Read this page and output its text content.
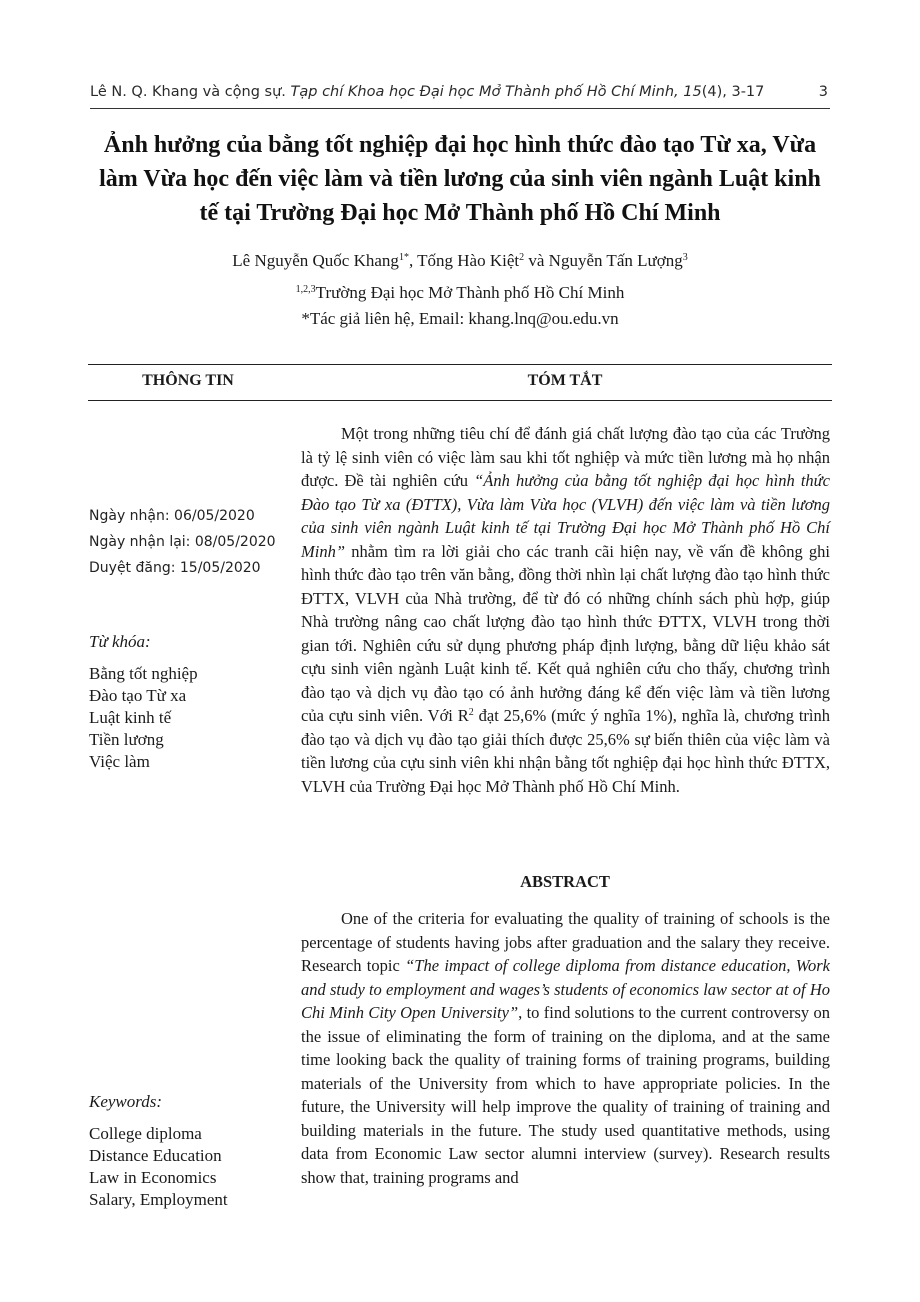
Lê N. Q. Khang và cộng sự. Tạp chí Khoa học Đại học Mở Thành phố Hồ Chí Minh, 15(4), 3-17	3
Ảnh hưởng của bằng tốt nghiệp đại học hình thức đào tạo Từ xa, Vừa làm Vừa học đến việc làm và tiền lương của sinh viên ngành Luật kinh tế tại Trường Đại học Mở Thành phố Hồ Chí Minh
Lê Nguyễn Quốc Khang$^{1*}$, Tống Hào Kiệt$^2$ và Nguyễn Tấn Lượng$^3$
$^{1,2,3}$Trường Đại học Mở Thành phố Hồ Chí Minh
*Tác giả liên hệ, Email: khang.lnq@ou.edu.vn
THÔNG TIN	TÓM TẮT
Ngày nhận: 06/05/2020
Ngày nhận lại: 08/05/2020
Duyệt đăng: 15/05/2020
Từ khóa:
Bằng tốt nghiệp
Đào tạo Từ xa
Luật kinh tế
Tiền lương
Việc làm
Keywords:
College diploma
Distance Education
Law in Economics
Salary, Employment

Một trong những tiêu chí để đánh giá chất lượng đào tạo của các Trường là tỷ lệ sinh viên có việc làm sau khi tốt nghiệp và mức tiền lương mà họ nhận được. Đề tài nghiên cứu “Ảnh hưởng của bằng tốt nghiệp đại học hình thức Đào tạo Từ xa (ĐTTX), Vừa làm Vừa học (VLVH) đến việc làm và tiền lương của sinh viên ngành Luật kinh tế tại Trường Đại học Mở Thành phố Hồ Chí Minh” nhằm tìm ra lời giải cho các tranh cãi hiện nay, về vấn đề không ghi hình thức đào tạo trên văn bằng, đồng thời nhìn lại chất lượng đào tạo hình thức ĐTTX, VLVH của Nhà trường, để từ đó có những chính sách phù hợp, giúp Nhà trường nâng cao chất lượng đào tạo hình thức ĐTTX, VLVH trong thời gian tới. Nghiên cứu sử dụng phương pháp định lượng, bằng dữ liệu khảo sát cựu sinh viên ngành Luật kinh tế. Kết quả nghiên cứu cho thấy, chương trình đào tạo và dịch vụ đào tạo có ảnh hưởng đáng kể đến việc làm và tiền lương của cựu sinh viên. Với $R^2$ đạt 25,6% (mức ý nghĩa 1%), nghĩa là, chương trình đào tạo và dịch vụ đào tạo giải thích được 25,6% sự biến thiên của việc làm và tiền lương của cựu sinh viên khi nhận bằng tốt nghiệp đại học hình thức ĐTTX, VLVH của Trường Đại học Mở Thành phố Hồ Chí Minh.

ABSTRACT

One of the criteria for evaluating the quality of training of schools is the percentage of students having jobs after graduation and the salary they receive. Research topic “The impact of college diploma from distance education, Work and study to employment and wages’s students of economics law sector at of Ho Chi Minh City Open University”, to find solutions to the current controversy on the issue of eliminating the form of training on the diploma, and at the same time looking back the quality of training forms of training programs, building materials of the University from which to have appropriate policies. In the future, the University will help improve the quality of training of training and building materials in the future. The study used quantitative methods, using data from Economic Law sector alumni interview (survey). Research results show that, training programs and
